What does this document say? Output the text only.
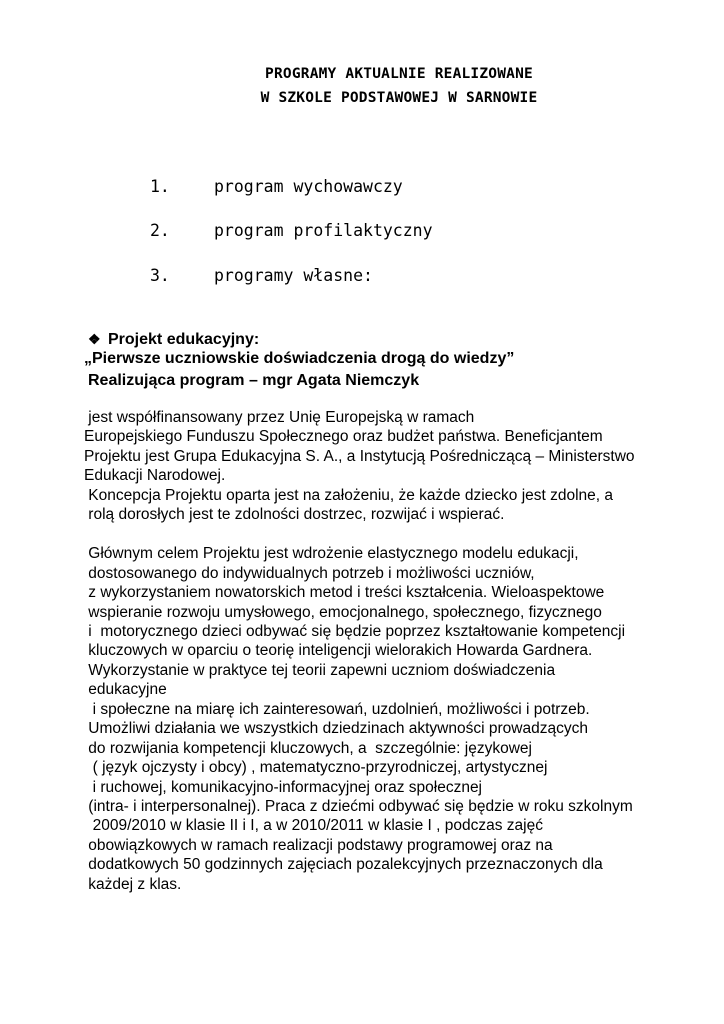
PROGRAMY AKTUALNIE REALIZOWANE
W SZKOLE PODSTAWOWEJ W SARNOWIE
1.	program wychowawczy
2.	program profilaktyczny
3.	programy własne:
❖ Projekt edukacyjny:
„Pierwsze uczniowskie doświadczenia drogą do wiedzy”
Realizująca program – mgr Agata Niemczyk
jest współfinansowany przez Unię Europejską w ramach
Europejskiego Funduszu Społecznego oraz budżet państwa. Beneficjantem
Projektu jest Grupa Edukacyjna S. A., a Instytucją Pośredniczącą – Ministerstwo
Edukacji Narodowej.
Koncepcja Projektu oparta jest na założeniu, że każde dziecko jest zdolne, a
rolą dorosłych jest te zdolności dostrzec, rozwijać i wspierać.
Głównym celem Projektu jest wdrożenie elastycznego modelu edukacji,
dostosowanego do indywidualnych potrzeb i możliwości uczniów,
z wykorzystaniem nowatorskich metod i treści kształcenia. Wieloaspektowe
wspieranie rozwoju umysłowego, emocjonalnego, społecznego, fizycznego
i  motorycznego dzieci odbywać się będzie poprzez kształtowanie kompetencji
kluczowych w oparciu o teorię inteligencji wielorakich Howarda Gardnera.
Wykorzystanie w praktyce tej teorii zapewni uczniom doświadczenia
edukacyjne
i społeczne na miarę ich zainteresowań, uzdolnień, możliwości i potrzeb.
Umożliwi działania we wszystkich dziedzinach aktywności prowadzących
do rozwijania kompetencji kluczowych, a  szczególnie: językowej
( język ojczysty i obcy) , matematyczno-przyrodniczej, artystycznej
i ruchowej, komunikacyjno-informacyjnej oraz społecznej
(intra- i interpersonalnej). Praca z dziećmi odbywać się będzie w roku szkolnym
2009/2010 w klasie II i I, a w 2010/2011 w klasie I , podczas zajęć
obowiązkowych w ramach realizacji podstawy programowej oraz na
dodatkowych 50 godzinnych zajęciach pozalekcyjnych przeznaczonych dla
każdej z klas.
